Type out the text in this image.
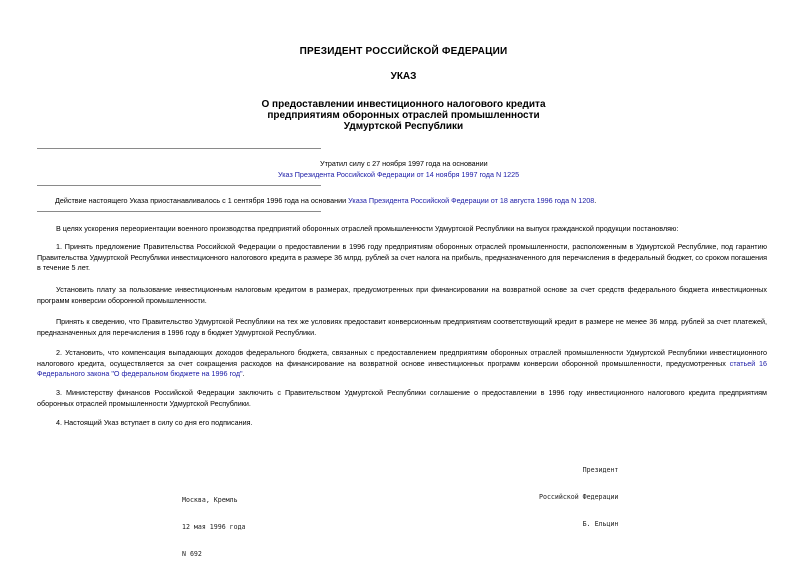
ПРЕЗИДЕНТ РОССИЙСКОЙ ФЕДЕРАЦИИ
УКАЗ
О предоставлении инвестиционного налогового кредита
предприятиям оборонных отраслей промышленности
Удмуртской Республики
Утратил силу с 27 ноября 1997 года на основании
Указ Президента Российской Федерации от 14 ноября 1997 года N 1225
Действие настоящего Указа приостанавливалось с 1 сентября 1996 года на основании Указа Президента Российской Федерации от 18 августа 1996 года N 1208.
В целях ускорения переориентации военного производства предприятий оборонных отраслей промышленности Удмуртской Республики на выпуск гражданской продукции постановляю:
1. Принять предложение Правительства Российской Федерации о предоставлении в 1996 году предприятиям оборонных отраслей промышленности, расположенным в Удмуртской Республике, под гарантию Правительства Удмуртской Республики инвестиционного налогового кредита в размере 36 млрд. рублей за счет налога на прибыль, предназначенного для перечисления в федеральный бюджет, со сроком погашения в течение 5 лет.
Установить плату за пользование инвестиционным налоговым кредитом в размерах, предусмотренных при финансировании на возвратной основе за счет средств федерального бюджета инвестиционных программ конверсии оборонной промышленности.
Принять к сведению, что Правительство Удмуртской Республики на тех же условиях предоставит конверсионным предприятиям соответствующий кредит в размере не менее 36 млрд. рублей за счет платежей, предназначенных для перечисления в 1996 году в бюджет Удмуртской Республики.
2. Установить, что компенсация выпадающих доходов федерального бюджета, связанных с предоставлением предприятиям оборонных отраслей промышленности Удмуртской Республики инвестиционного налогового кредита, осуществляется за счет сокращения расходов на финансирование на возвратной основе инвестиционных программ конверсии оборонной промышленности, предусмотренных статьей 16 Федерального закона "О федеральном бюджете на 1996 год".
3. Министерству финансов Российской Федерации заключить с Правительством Удмуртской Республики соглашение о предоставлении в 1996 году инвестиционного налогового кредита предприятиям оборонных отраслей промышленности Удмуртской Республики.
4. Настоящий Указ вступает в силу со дня его подписания.

Президент

Российской Федерации

Б. Ельцин

Москва, Кремль

12 мая 1996 года

N 692
